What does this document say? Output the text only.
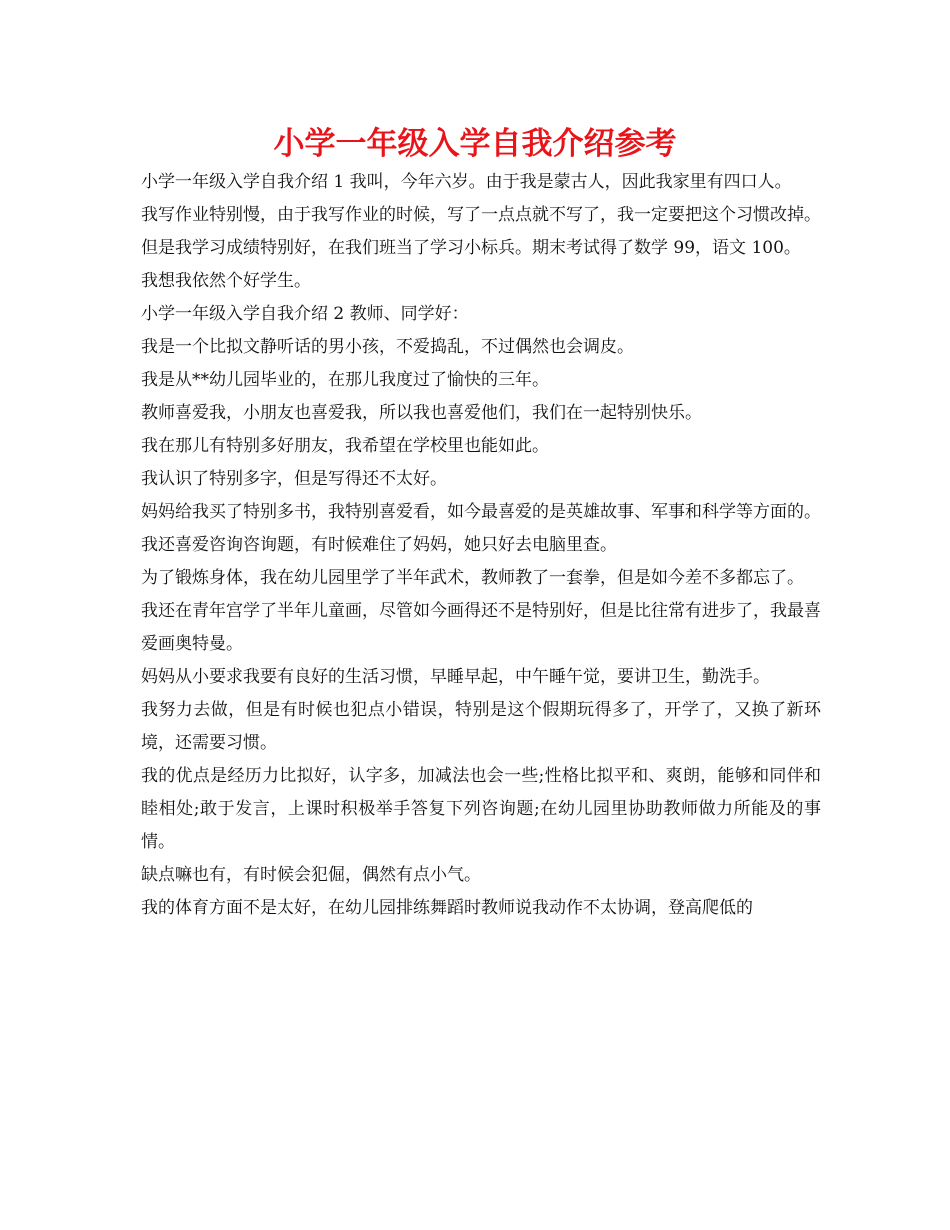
小学一年级入学自我介绍参考

小学一年级入学自我介绍 1 我叫，今年六岁。由于我是蒙古人，因此我家里有四口人。

我写作业特别慢，由于我写作业的时候，写了一点点就不写了，我一定要把这个习惯改掉。但是我学习成绩特别好，在我们班当了学习小标兵。期末考试得了数学 99，语文 100。

我想我依然个好学生。

小学一年级入学自我介绍 2 教师、同学好：

我是一个比拟文静听话的男小孩，不爱捣乱，不过偶然也会调皮。

我是从**幼儿园毕业的，在那儿我度过了愉快的三年。

教师喜爱我，小朋友也喜爱我，所以我也喜爱他们，我们在一起特别快乐。

我在那儿有特别多好朋友，我希望在学校里也能如此。

我认识了特别多字，但是写得还不太好。

妈妈给我买了特别多书，我特别喜爱看，如今最喜爱的是英雄故事、军事和科学等方面的。

我还喜爱咨询咨询题，有时候难住了妈妈，她只好去电脑里查。

为了锻炼身体，我在幼儿园里学了半年武术，教师教了一套拳，但是如今差不多都忘了。

我还在青年宫学了半年儿童画，尽管如今画得还不是特别好，但是比往常有进步了，我最喜爱画奥特曼。

妈妈从小要求我要有良好的生活习惯，早睡早起，中午睡午觉，要讲卫生，勤洗手。

我努力去做，但是有时候也犯点小错误，特别是这个假期玩得多了，开学了，又换了新环境，还需要习惯。

我的优点是经历力比拟好，认字多，加减法也会一些;性格比拟平和、爽朗，能够和同伴和睦相处;敢于发言，上课时积极举手答复下列咨询题;在幼儿园里协助教师做力所能及的事情。

缺点嘛也有，有时候会犯倔，偶然有点小气。

我的体育方面不是太好，在幼儿园排练舞蹈时教师说我动作不太协调，登高爬低的
